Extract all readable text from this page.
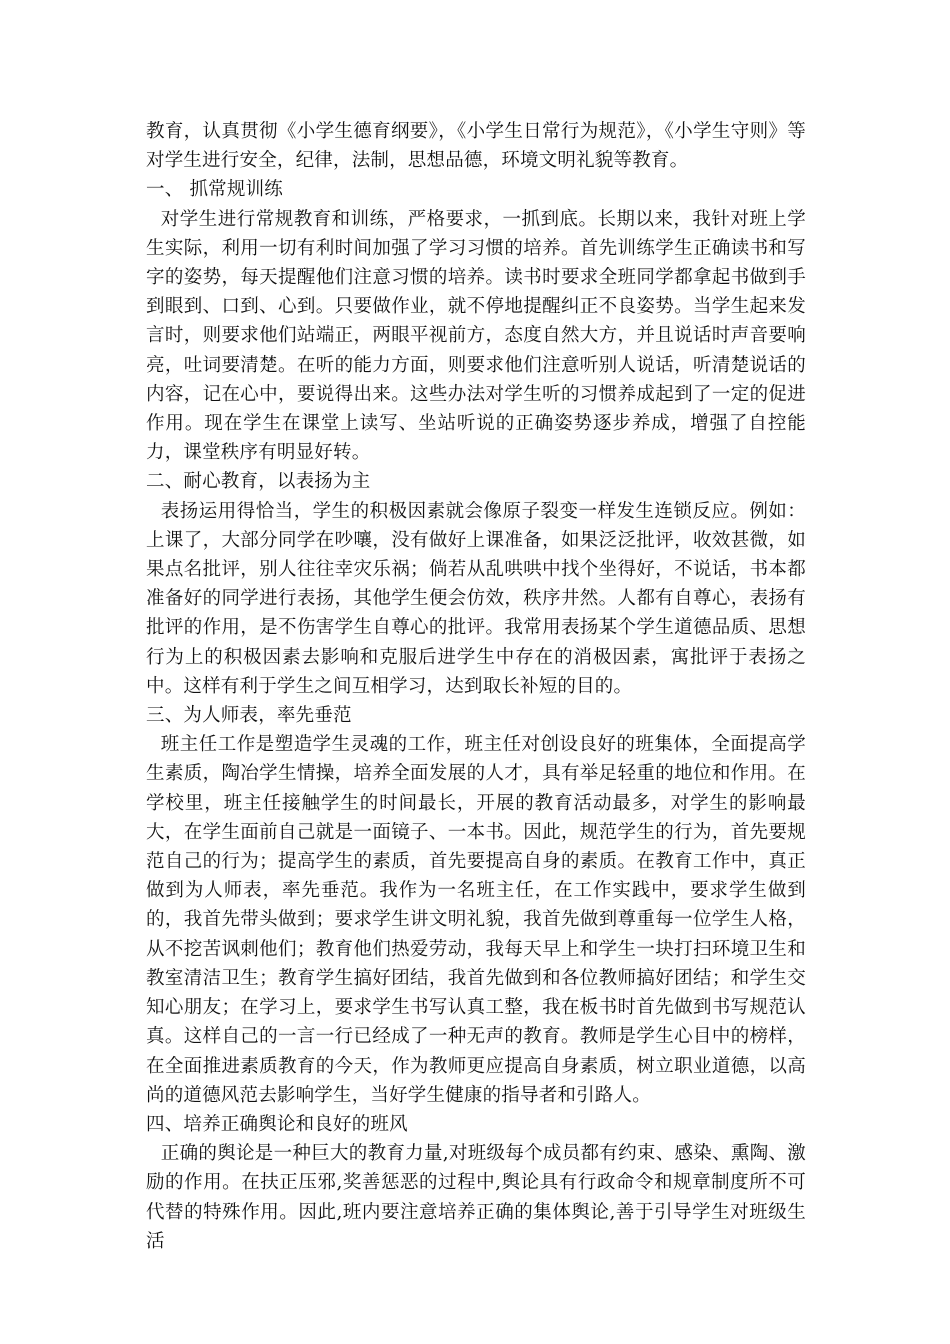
教育，认真贯彻《小学生德育纲要》，《小学生日常行为规范》，《小学生守则》等对学生进行安全，纪律，法制，思想品德，环境文明礼貌等教育。

一、 抓常规训练

对学生进行常规教育和训练，严格要求，一抓到底。长期以来，我针对班上学生实际，利用一切有利时间加强了学习习惯的培养。首先训练学生正确读书和写字的姿势，每天提醒他们注意习惯的培养。读书时要求全班同学都拿起书做到手到眼到、口到、心到。只要做作业，就不停地提醒纠正不良姿势。当学生起来发言时，则要求他们站端正，两眼平视前方，态度自然大方，并且说话时声音要响亮，吐词要清楚。在听的能力方面，则要求他们注意听别人说话，听清楚说话的内容，记在心中，要说得出来。这些办法对学生听的习惯养成起到了一定的促进作用。现在学生在课堂上读写、坐站听说的正确姿势逐步养成，增强了自控能力，课堂秩序有明显好转。

二、耐心教育，以表扬为主

表扬运用得恰当，学生的积极因素就会像原子裂变一样发生连锁反应。例如：上课了，大部分同学在吵嚷，没有做好上课准备，如果泛泛批评，收效甚微，如果点名批评，别人往往幸灾乐祸；倘若从乱哄哄中找个坐得好，不说话，书本都准备好的同学进行表扬，其他学生便会仿效，秩序井然。人都有自尊心，表扬有批评的作用，是不伤害学生自尊心的批评。我常用表扬某个学生道德品质、思想行为上的积极因素去影响和克服后进学生中存在的消极因素，寓批评于表扬之中。这样有利于学生之间互相学习，达到取长补短的目的。

三、为人师表，率先垂范

班主任工作是塑造学生灵魂的工作，班主任对创设良好的班集体，全面提高学生素质，陶冶学生情操，培养全面发展的人才，具有举足轻重的地位和作用。在学校里，班主任接触学生的时间最长，开展的教育活动最多，对学生的影响最大，在学生面前自己就是一面镜子、一本书。因此，规范学生的行为，首先要规范自己的行为；提高学生的素质，首先要提高自身的素质。在教育工作中，真正做到为人师表，率先垂范。我作为一名班主任，在工作实践中，要求学生做到的，我首先带头做到；要求学生讲文明礼貌，我首先做到尊重每一位学生人格，从不挖苦讽刺他们；教育他们热爱劳动，我每天早上和学生一块打扫环境卫生和教室清洁卫生；教育学生搞好团结，我首先做到和各位教师搞好团结；和学生交知心朋友；在学习上，要求学生书写认真工整，我在板书时首先做到书写规范认真。这样自己的一言一行已经成了一种无声的教育。教师是学生心目中的榜样，在全面推进素质教育的今天，作为教师更应提高自身素质，树立职业道德，以高尚的道德风范去影响学生，当好学生健康的指导者和引路人。

四、培养正确舆论和良好的班风

正确的舆论是一种巨大的教育力量,对班级每个成员都有约束、感染、熏陶、激励的作用。在扶正压邪,奖善惩恶的过程中,舆论具有行政命令和规章制度所不可代替的特殊作用。因此,班内要注意培养正确的集体舆论,善于引导学生对班级生活
